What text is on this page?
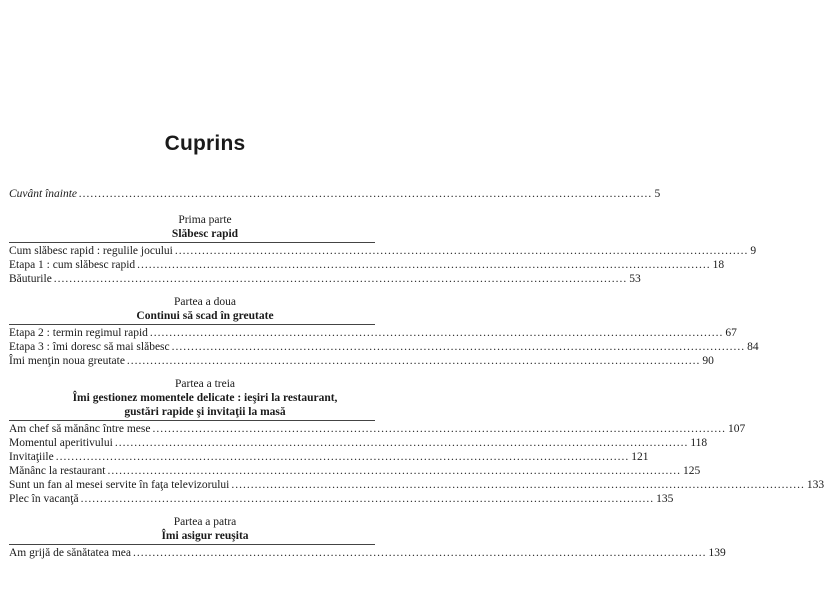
Cuprins
Cuvânt înainte .................................................................................................................................................... 5
Prima parte
Slăbesc rapid
Cum slăbesc rapid : regulile jocului .................................................................................................................................................... 9
Etapa 1 : cum slăbesc rapid .................................................................................................................................................... 18
Băuturile .................................................................................................................................................... 53
Partea a doua
Continui să scad în greutate
Etapa 2 : termin regimul rapid .................................................................................................................................................... 67
Etapa 3 : îmi doresc să mai slăbesc .................................................................................................................................................... 84
Îmi menţin noua greutate .................................................................................................................................................... 90
Partea a treia
Îmi gestionez momentele delicate : ieşiri la restaurant,
gustări rapide şi invitaţii la masă
Am chef să mănânc între mese .................................................................................................................................................... 107
Momentul aperitivului .................................................................................................................................................... 118
Invitaţiile .................................................................................................................................................... 121
Mănânc la restaurant .................................................................................................................................................... 125
Sunt un fan al mesei servite în faţa televizorului .................................................................................................................................................... 133
Plec în vacanţă .................................................................................................................................................... 135
Partea a patra
Îmi asigur reuşita
Am grijă de sănătatea mea .................................................................................................................................................... 139
